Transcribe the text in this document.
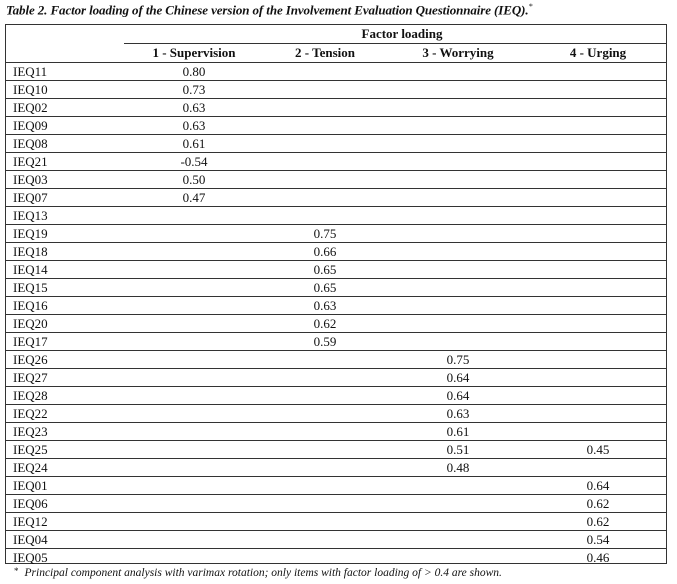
Table 2. Factor loading of the Chinese version of the Involvement Evaluation Questionnaire (IEQ).*
	Factor loading			
	1 - Supervision	2 - Tension	3 - Worrying	4 - Urging
IEQ11	0.80			
IEQ10	0.73			
IEQ02	0.63			
IEQ09	0.63			
IEQ08	0.61			
IEQ21	-0.54			
IEQ03	0.50			
IEQ07	0.47			
IEQ13				
IEQ19		0.75		
IEQ18		0.66		
IEQ14		0.65		
IEQ15		0.65		
IEQ16		0.63		
IEQ20		0.62		
IEQ17		0.59		
IEQ26			0.75	
IEQ27			0.64	
IEQ28			0.64	
IEQ22			0.63	
IEQ23			0.61	
IEQ25			0.51	0.45
IEQ24			0.48	
IEQ01				0.64
IEQ06				0.62
IEQ12				0.62
IEQ04				0.54
IEQ05				0.46
* Principal component analysis with varimax rotation; only items with factor loading of > 0.4 are shown.
